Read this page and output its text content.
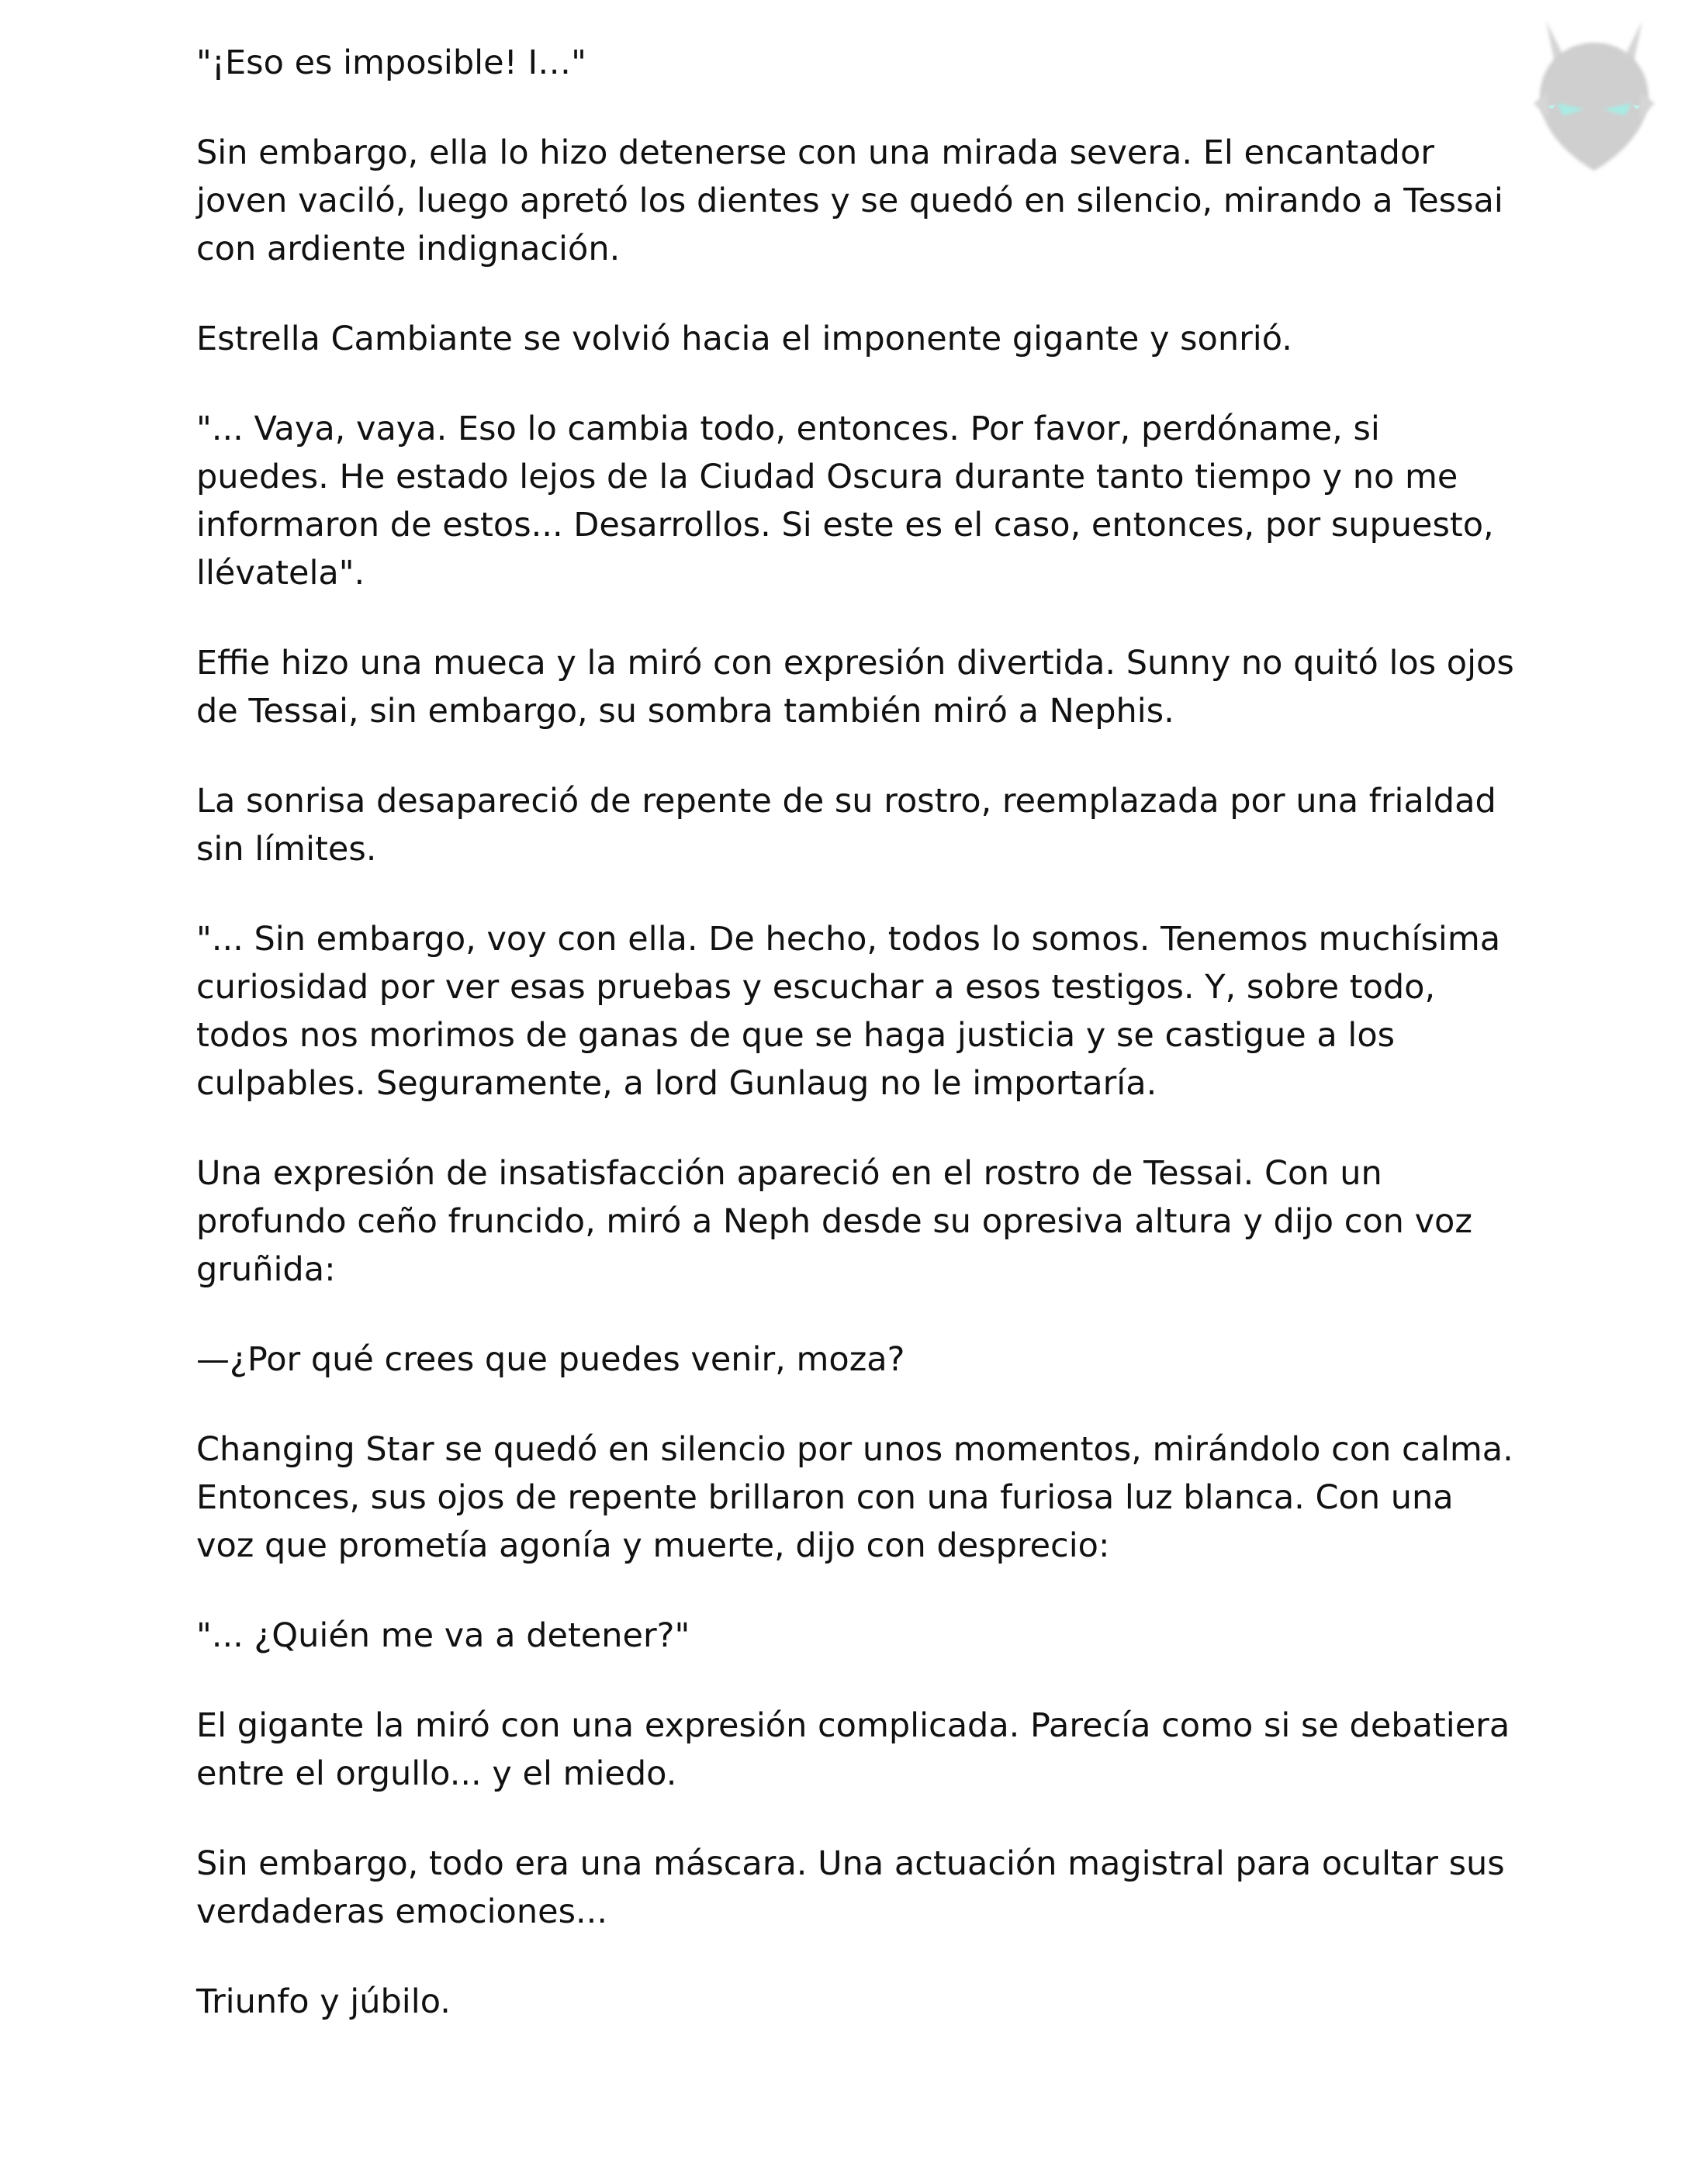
"¡Eso es imposible! I…"

Sin embargo, ella lo hizo detenerse con una mirada severa. El encantador joven vaciló, luego apretó los dientes y se quedó en silencio, mirando a Tessai con ardiente indignación.

Estrella Cambiante se volvió hacia el imponente gigante y sonrió.

"... Vaya, vaya. Eso lo cambia todo, entonces. Por favor, perdóname, si puedes. He estado lejos de la Ciudad Oscura durante tanto tiempo y no me informaron de estos... Desarrollos. Si este es el caso, entonces, por supuesto, llévatela".

Effie hizo una mueca y la miró con expresión divertida. Sunny no quitó los ojos de Tessai, sin embargo, su sombra también miró a Nephis.

La sonrisa desapareció de repente de su rostro, reemplazada por una frialdad sin límites.

"... Sin embargo, voy con ella. De hecho, todos lo somos. Tenemos muchísima curiosidad por ver esas pruebas y escuchar a esos testigos. Y, sobre todo, todos nos morimos de ganas de que se haga justicia y se castigue a los culpables. Seguramente, a lord Gunlaug no le importaría.

Una expresión de insatisfacción apareció en el rostro de Tessai. Con un profundo ceño fruncido, miró a Neph desde su opresiva altura y dijo con voz gruñida:

—¿Por qué crees que puedes venir, moza?

Changing Star se quedó en silencio por unos momentos, mirándolo con calma. Entonces, sus ojos de repente brillaron con una furiosa luz blanca. Con una voz que prometía agonía y muerte, dijo con desprecio:

"... ¿Quién me va a detener?"

El gigante la miró con una expresión complicada. Parecía como si se debatiera entre el orgullo... y el miedo.

Sin embargo, todo era una máscara. Una actuación magistral para ocultar sus verdaderas emociones...

Triunfo y júbilo.
